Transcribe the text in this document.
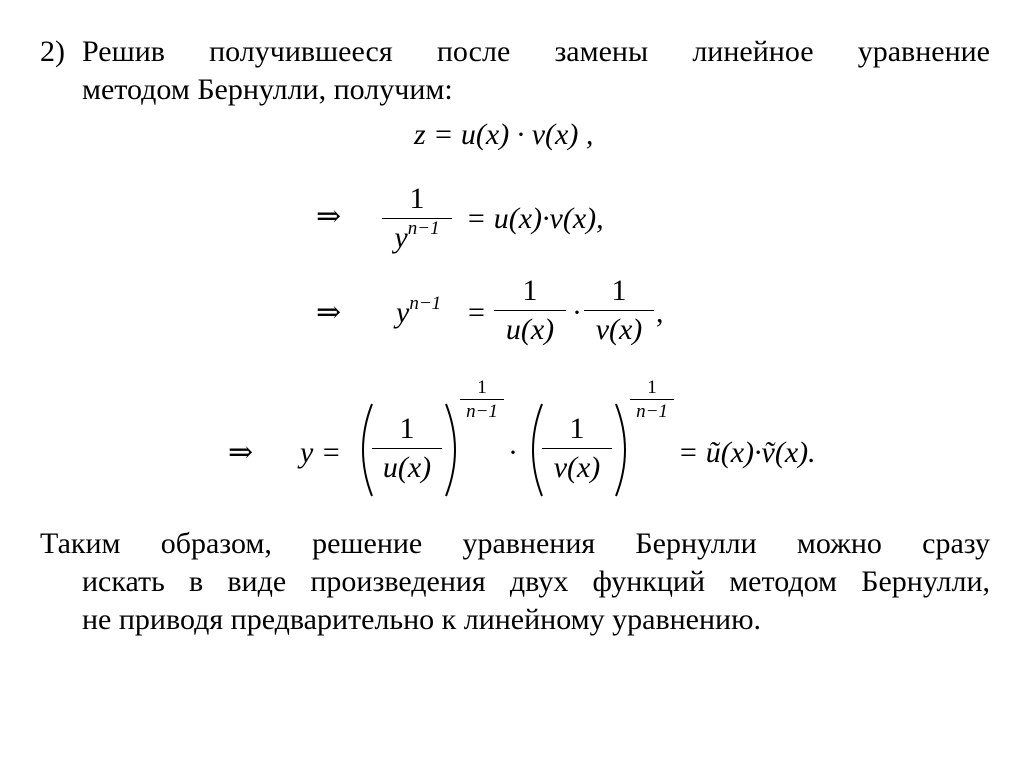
2) Решив получившееся после замены линейное уравнение
методом Бернулли, получим:
z = u(x) · v(x) ,
⇒ $\frac{1}{y^{n-1}} = u(x)\cdot v(x)$,
⇒ $y^{n-1} = \frac{1}{u(x)} \cdot \frac{1}{v(x)}$ ,
⇒ $y = \frac{1}{u(x)}$
$\frac{1}{n-1}$
· $\frac{1}{v(x)}$
$\frac{1}{n-1}$
= ũ(x)·ṽ(x).
Таким образом, решение уравнения Бернулли можно сразу
искать в виде произведения двух функций методом Бернулли,
не приводя предварительно к линейному уравнению.
